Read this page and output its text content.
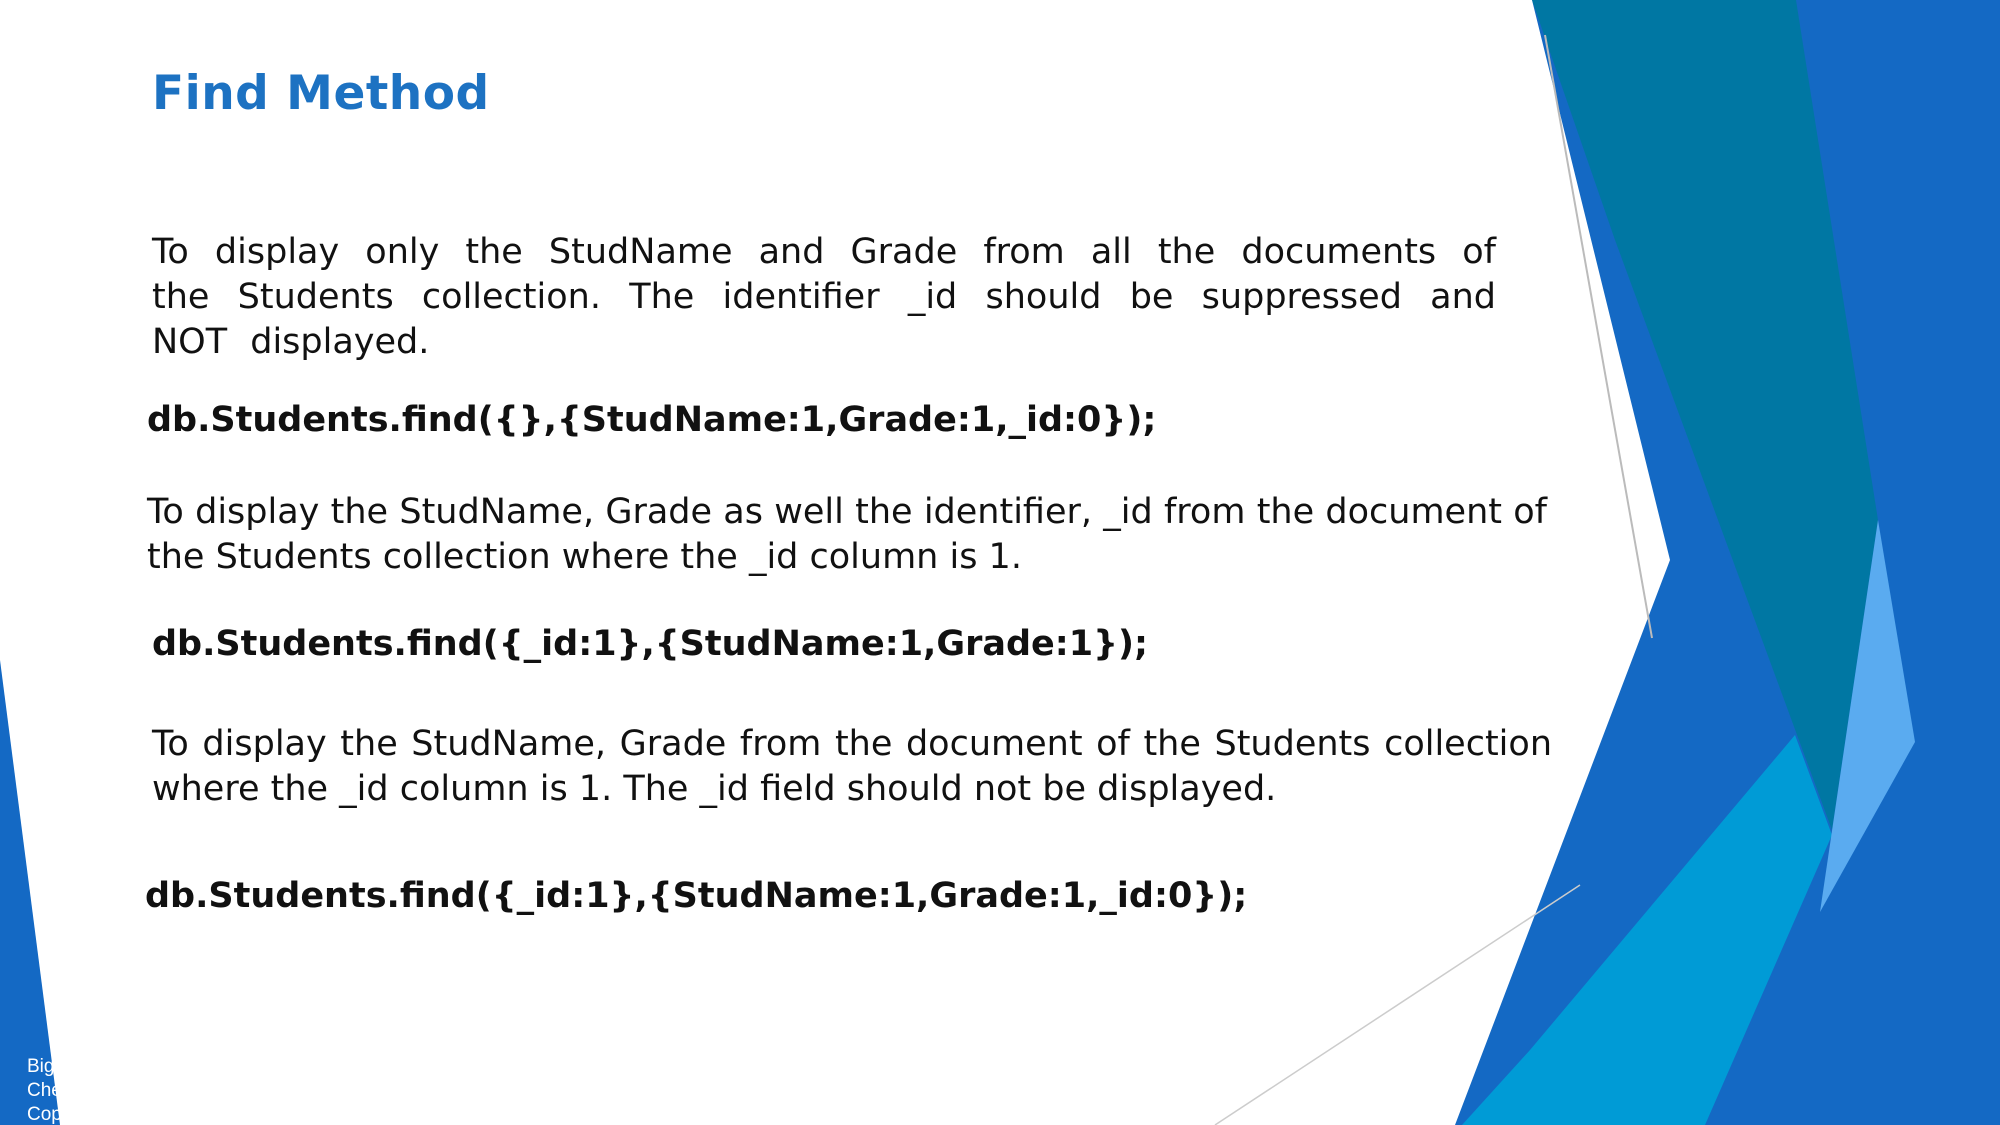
Find Method

To display only the StudName and Grade from all the documents of the Students collection. The identifier _id should be suppressed and NOT displayed.

db.Students.find({},{StudName:1,Grade:1,_id:0});

To display the StudName, Grade as well the identifier, _id from the document of the Students collection where the _id column is 1.

db.Students.find({_id:1},{StudName:1,Grade:1});

To display the StudName, Grade from the document of the Students collection where the _id column is 1. The _id field should not be displayed.

db.Students.find({_id:1},{StudName:1,Grade:1,_id:0});

Big I
Chel
Copy
